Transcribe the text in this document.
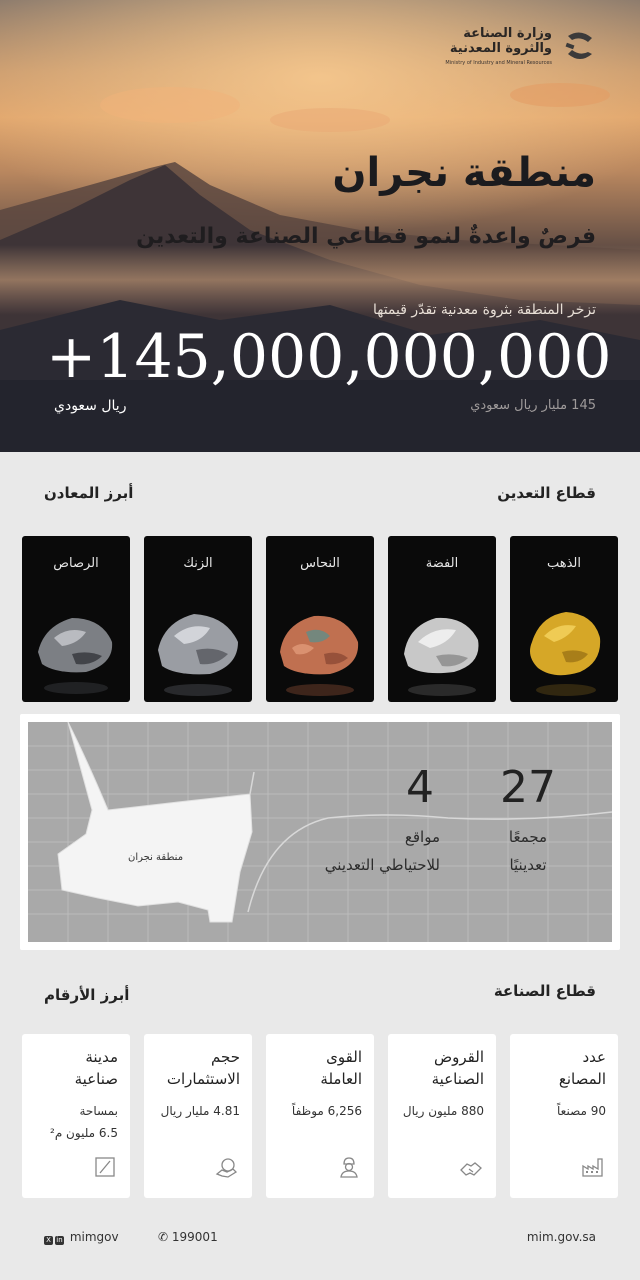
وزارة الصناعة
والثروة المعدنية
Ministry of Industry and Mineral Resources
منطقة نجران
فرصٌ واعدةٌ لنمو قطاعي الصناعة والتعدين
تزخر المنطقة بثروة معدنية تقدّر قيمتها
+145,000,000,000
145 مليار ريال سعودي
ريال سعودي
قطاع التعدين
أبرز المعادن
الذهب
الفضة
النحاس
الزنك
الرصاص
منطقة نجران
27
مجمعًا
تعدينيًا
4
مواقع
للاحتياطي التعديني
قطاع الصناعة
أبرز الأرقام
عدد
المصانع
90 مصنعاً
القروض
الصناعية
880 مليون ريال
القوى
العاملة
6,256 موظفاً
حجم
الاستثمارات
4.81 مليار ريال
مدينة
صناعية
بمساحة
6.5 مليون م²
X in mimgov	✆ 199001	mim.gov.sa
